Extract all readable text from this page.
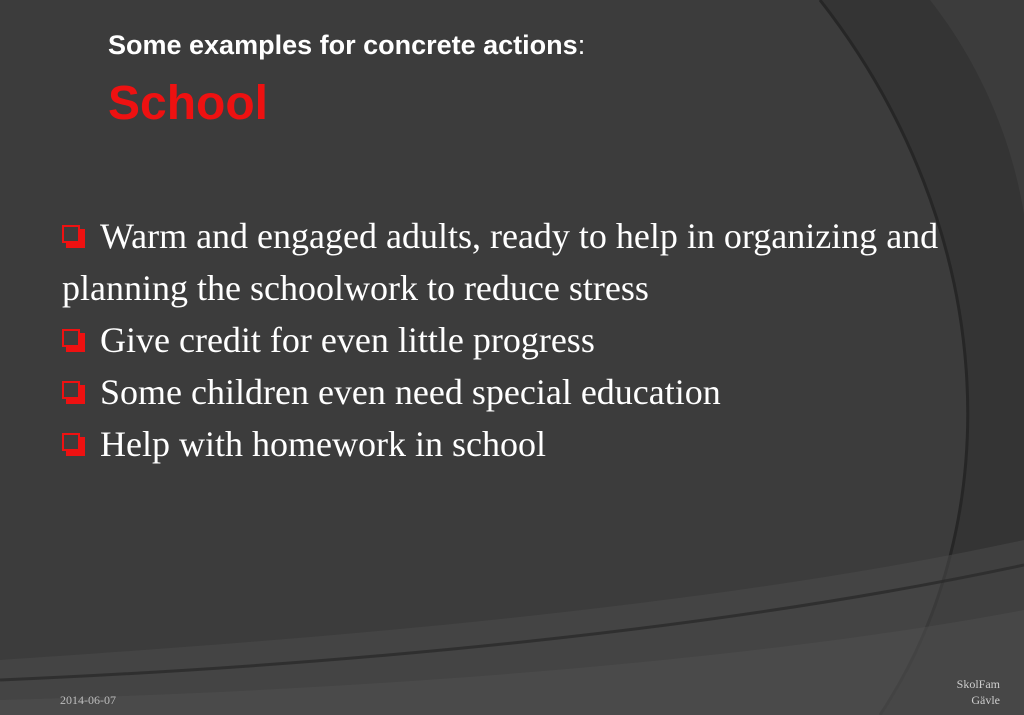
Some examples for concrete actions:
School
Warm and engaged adults, ready to help in organizing and planning the schoolwork to reduce stress
Give credit for even little progress
Some children even need special education
Help with homework in school
2014-06-07
SkolFam
Gävle
